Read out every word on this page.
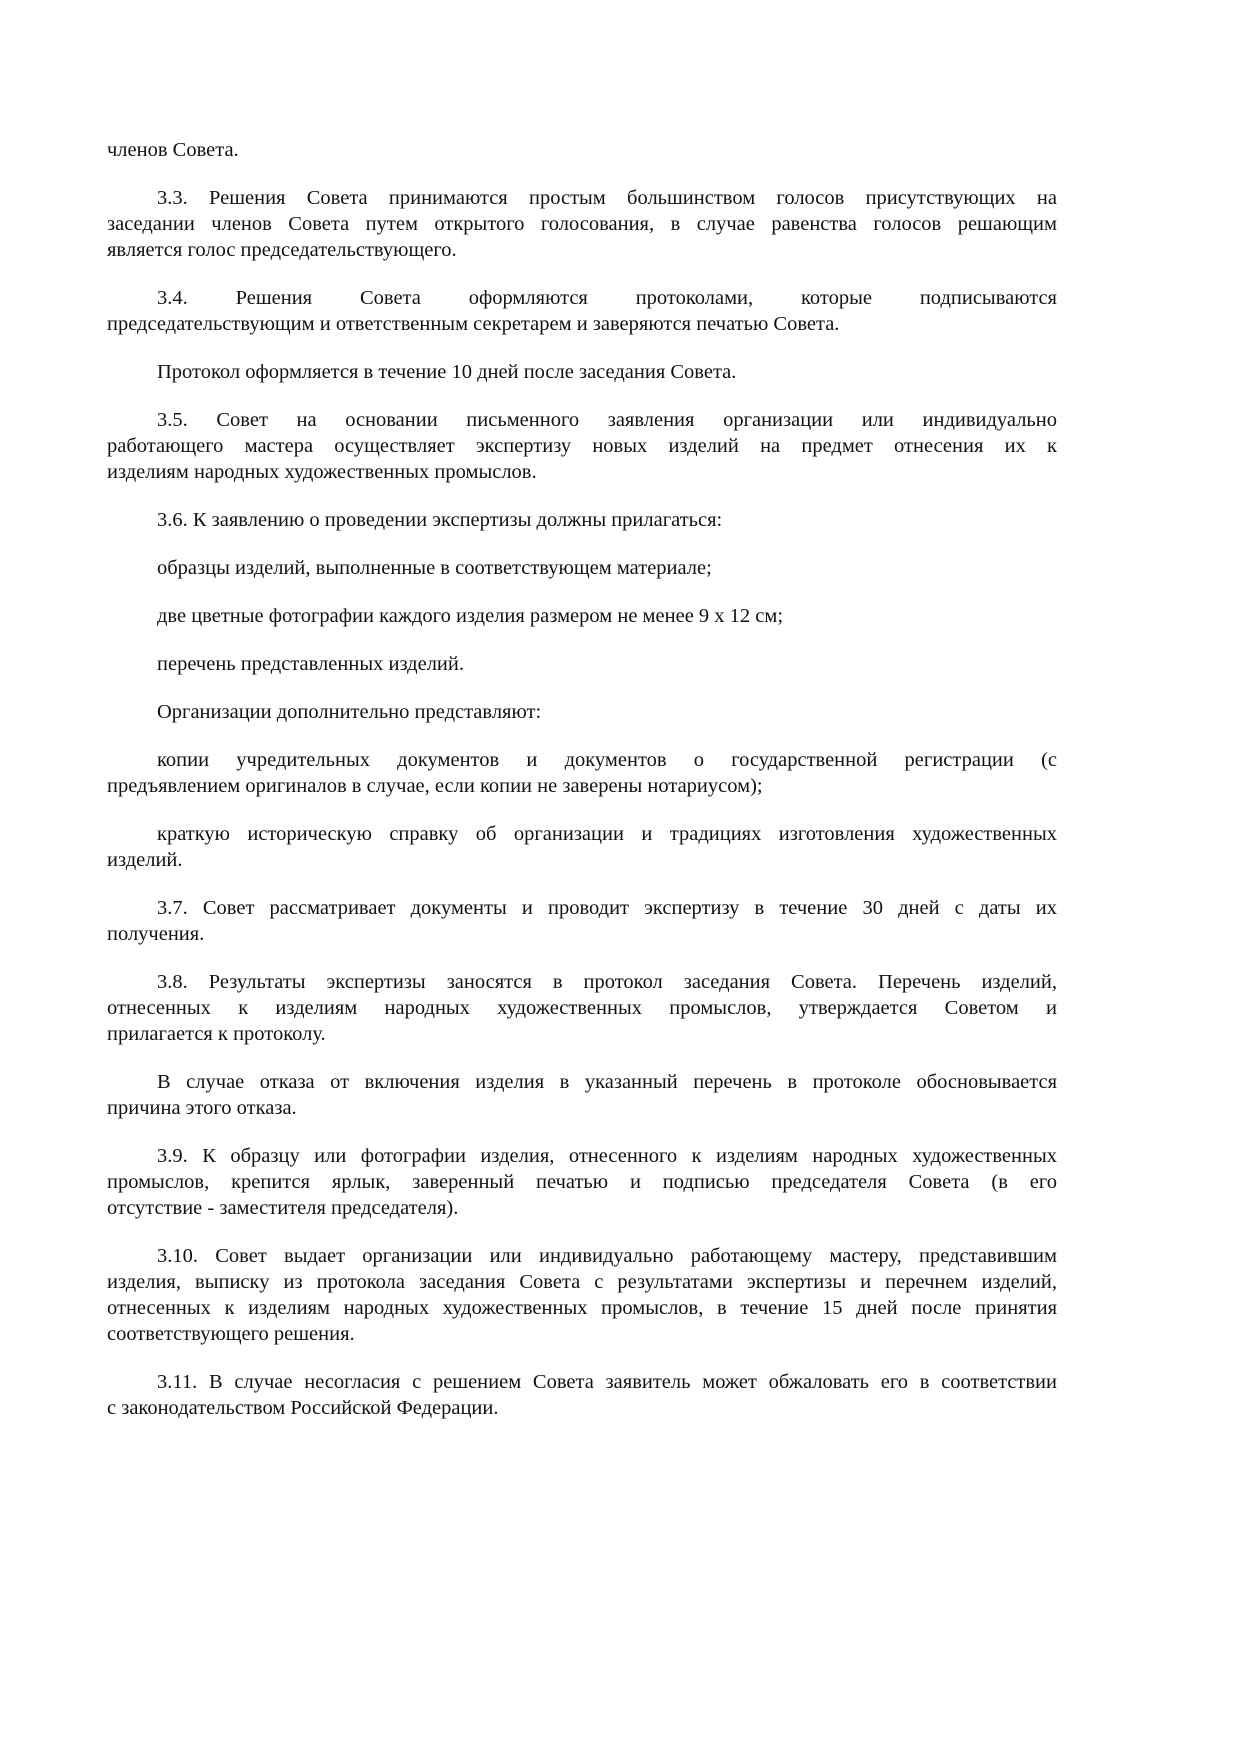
членов Совета.
3.3. Решения Совета принимаются простым большинством голосов присутствующих на
заседании членов Совета путем открытого голосования, в случае равенства голосов решающим
является голос председательствующего.
3.4. Решения Совета оформляются протоколами, которые подписываются
председательствующим и ответственным секретарем и заверяются печатью Совета.
Протокол оформляется в течение 10 дней после заседания Совета.
3.5. Совет на основании письменного заявления организации или индивидуально
работающего мастера осуществляет экспертизу новых изделий на предмет отнесения их к
изделиям народных художественных промыслов.
3.6. К заявлению о проведении экспертизы должны прилагаться:
образцы изделий, выполненные в соответствующем материале;
две цветные фотографии каждого изделия размером не менее 9 х 12 см;
перечень представленных изделий.
Организации дополнительно представляют:
копии учредительных документов и документов о государственной регистрации (с
предъявлением оригиналов в случае, если копии не заверены нотариусом);
краткую историческую справку об организации и традициях изготовления художественных
изделий.
3.7. Совет рассматривает документы и проводит экспертизу в течение 30 дней с даты их
получения.
3.8. Результаты экспертизы заносятся в протокол заседания Совета. Перечень изделий,
отнесенных к изделиям народных художественных промыслов, утверждается Советом и
прилагается к протоколу.
В случае отказа от включения изделия в указанный перечень в протоколе обосновывается
причина этого отказа.
3.9. К образцу или фотографии изделия, отнесенного к изделиям народных художественных
промыслов, крепится ярлык, заверенный печатью и подписью председателя Совета (в его
отсутствие - заместителя председателя).
3.10. Совет выдает организации или индивидуально работающему мастеру, представившим
изделия, выписку из протокола заседания Совета с результатами экспертизы и перечнем изделий,
отнесенных к изделиям народных художественных промыслов, в течение 15 дней после принятия
соответствующего решения.
3.11. В случае несогласия с решением Совета заявитель может обжаловать его в соответствии
с законодательством Российской Федерации.
